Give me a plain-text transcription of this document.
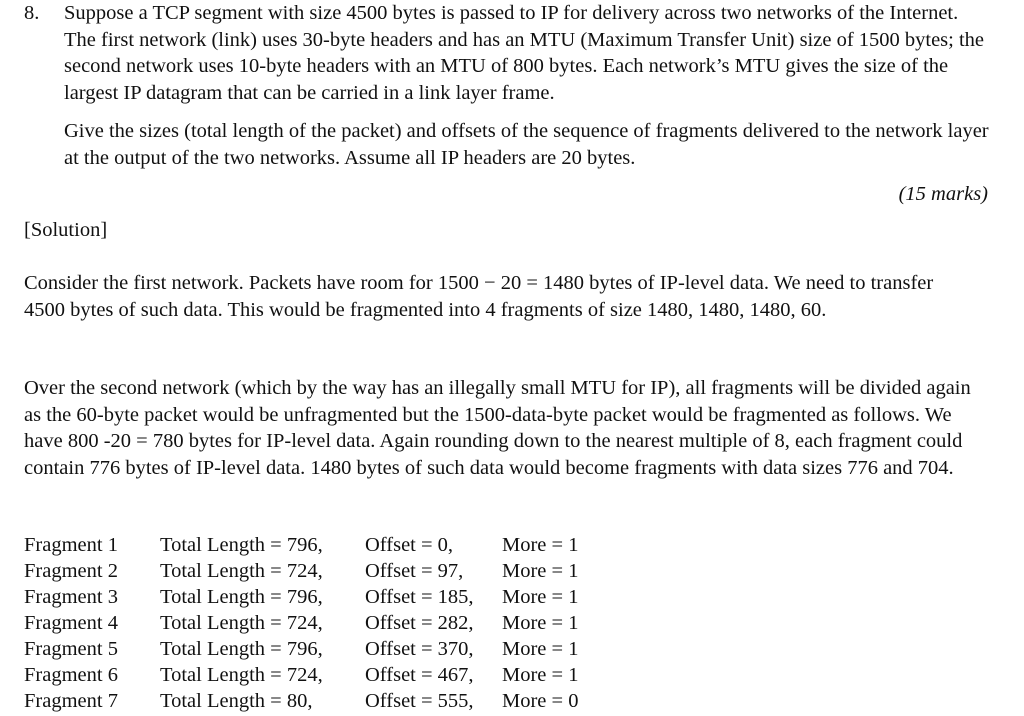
8. Suppose a TCP segment with size 4500 bytes is passed to IP for delivery across two networks of the Internet. The first network (link) uses 30-byte headers and has an MTU (Maximum Transfer Unit) size of 1500 bytes; the second network uses 10-byte headers with an MTU of 800 bytes. Each network’s MTU gives the size of the largest IP datagram that can be carried in a link layer frame.

Give the sizes (total length of the packet) and offsets of the sequence of fragments delivered to the network layer at the output of the two networks. Assume all IP headers are 20 bytes.

(15 marks)
[Solution]

Consider the first network. Packets have room for 1500 − 20 = 1480 bytes of IP-level data. We need to transfer 4500 bytes of such data. This would be fragmented into 4 fragments of size 1480, 1480, 1480, 60.

Over the second network (which by the way has an illegally small MTU for IP), all fragments will be divided again as the 60-byte packet would be unfragmented but the 1500-data-byte packet would be fragmented as follows. We have 800 -20 = 780 bytes for IP-level data. Again rounding down to the nearest multiple of 8, each fragment could contain 776 bytes of IP-level data. 1480 bytes of such data would become fragments with data sizes 776 and 704.

Fragment 1	Total Length = 796,	Offset = 0,	More = 1
Fragment 2	Total Length = 724,	Offset = 97,	More = 1
Fragment 3	Total Length = 796,	Offset = 185,	More = 1
Fragment 4	Total Length = 724,	Offset = 282,	More = 1
Fragment 5	Total Length = 796,	Offset = 370,	More = 1
Fragment 6	Total Length = 724,	Offset = 467,	More = 1
Fragment 7	Total Length = 80,	Offset = 555,	More = 0
